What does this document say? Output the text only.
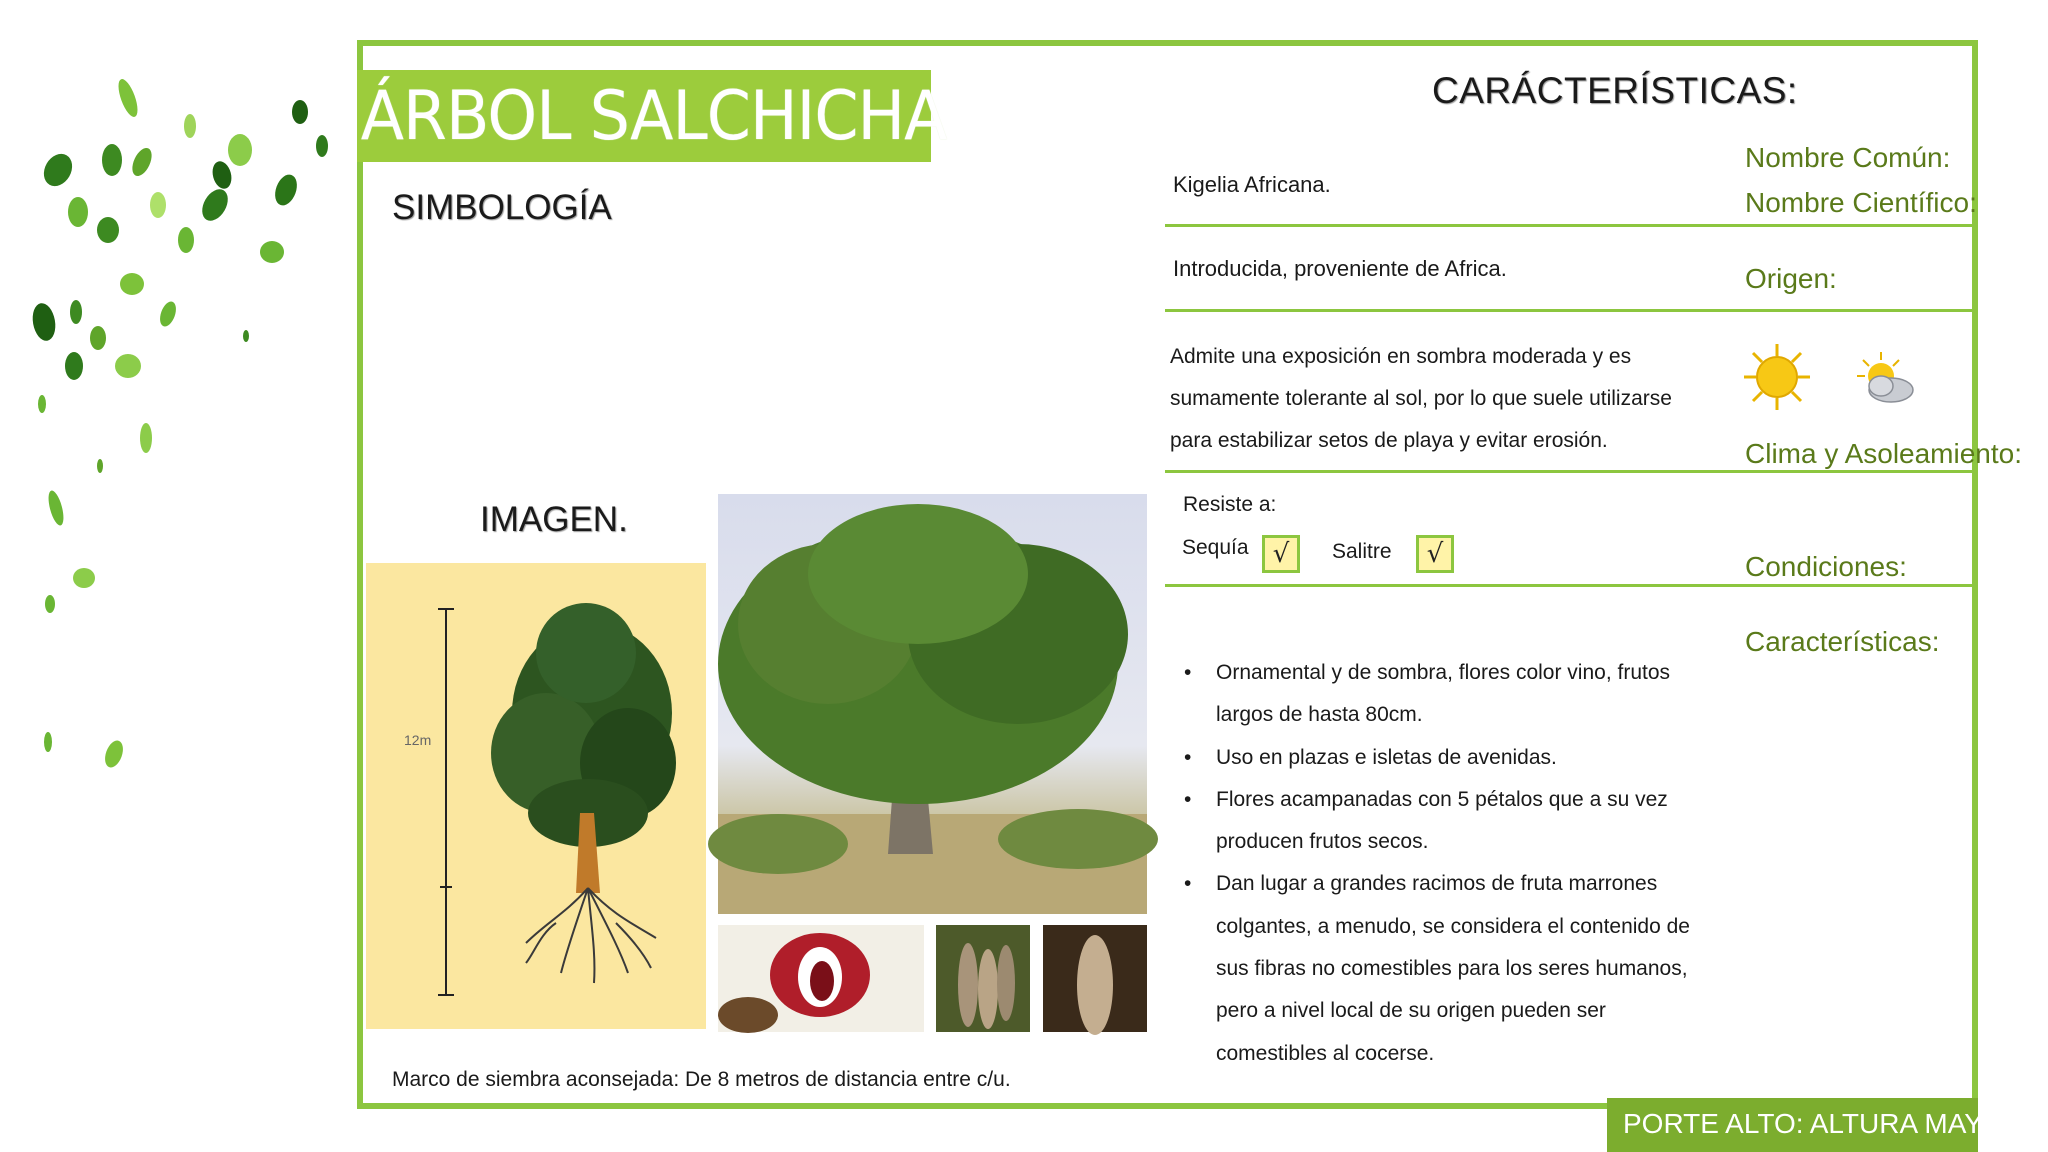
ÁRBOL SALCHICHA
SIMBOLOGÍA
IMAGEN.
CARÁCTERÍSTICAS:
12m
Marco de siembra aconsejada: De 8 metros de distancia entre c/u.
Nombre Común:
Nombre Científico:
Origen:
Clima y Asoleamiento:
Condiciones:
Características:
Kigelia Africana.
Introducida, proveniente de Africa.
Admite una exposición en sombra moderada y es
sumamente tolerante al sol, por lo que suele utilizarse
para estabilizar setos de playa y evitar erosión.
Resiste a:
Sequía √ Salitre √
• Ornamental y de sombra, flores color vino, frutos largos de hasta 80cm.
• Uso en plazas e isletas de avenidas.
• Flores acampanadas con 5 pétalos que a su vez producen frutos secos.
• Dan lugar a grandes racimos de fruta marrones colgantes, a menudo, se considera el contenido de sus fibras no comestibles para los seres humanos, pero a nivel local de su origen pueden ser comestibles al cocerse.
PORTE ALTO: ALTURA MAYOR
